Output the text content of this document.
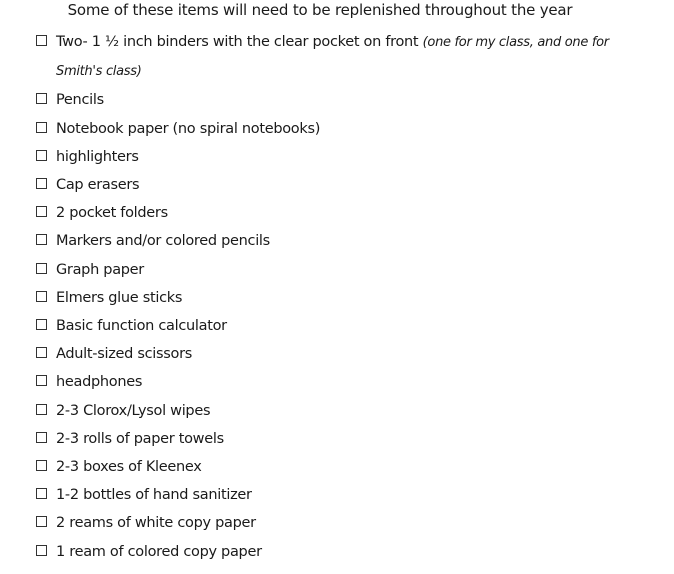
Some of these items will need to be replenished throughout the year
Two- 1 ½ inch binders with the clear pocket on front (one for my class, and one for Smith's class)
Pencils
Notebook paper (no spiral notebooks)
highlighters
Cap erasers
2 pocket folders
Markers and/or colored pencils
Graph paper
Elmers glue sticks
Basic function calculator
Adult-sized scissors
headphones
2-3 Clorox/Lysol wipes
2-3 rolls of paper towels
2-3 boxes of Kleenex
1-2 bottles of hand sanitizer
2 reams of white copy paper
1 ream of colored copy paper
